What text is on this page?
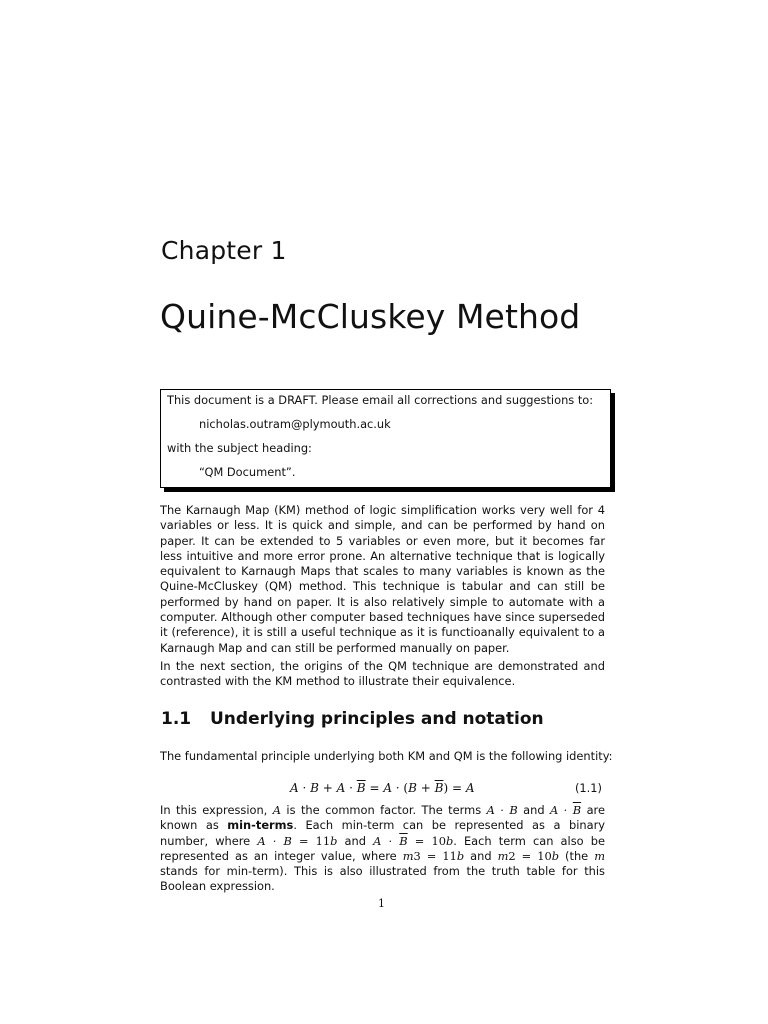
Chapter 1
Quine-McCluskey Method

This document is a DRAFT. Please email all corrections and suggestions to:

nicholas.outram@plymouth.ac.uk

with the subject heading:

“QM Document”.

The Karnaugh Map (KM) method of logic simplification works very well for 4 variables or less. It is quick and simple, and can be performed by hand on paper. It can be extended to 5 variables or even more, but it becomes far less intuitive and more error prone. An alternative technique that is logically equivalent to Karnaugh Maps that scales to many variables is known as the Quine-McCluskey (QM) method. This technique is tabular and can still be performed by hand on paper. It is also relatively simple to automate with a computer. Although other computer based techniques have since superseded it (reference), it is still a useful technique as it is functioanally equivalent to a Karnaugh Map and can still be performed manually on paper.

In the next section, the origins of the QM technique are demonstrated and contrasted with the KM method to illustrate their equivalence.

1.1 Underlying principles and notation
The fundamental principle underlying both KM and QM is the following identity:
$A \cdot B + A \cdot \overline{B} = A \cdot (B + \overline{B}) = A$	(1.1)
In this expression, A is the common factor. The terms A · B and $A \cdot \overline{B}$ are known as min-terms. Each min-term can be represented as a binary number, where A · B = 11b and $A \cdot \overline{B} = 10b$. Each term can also be represented as an integer value, where m3 = 11b and m2 = 10b (the m stands for min-term). This is also illustrated from the truth table for this Boolean expression.
1
